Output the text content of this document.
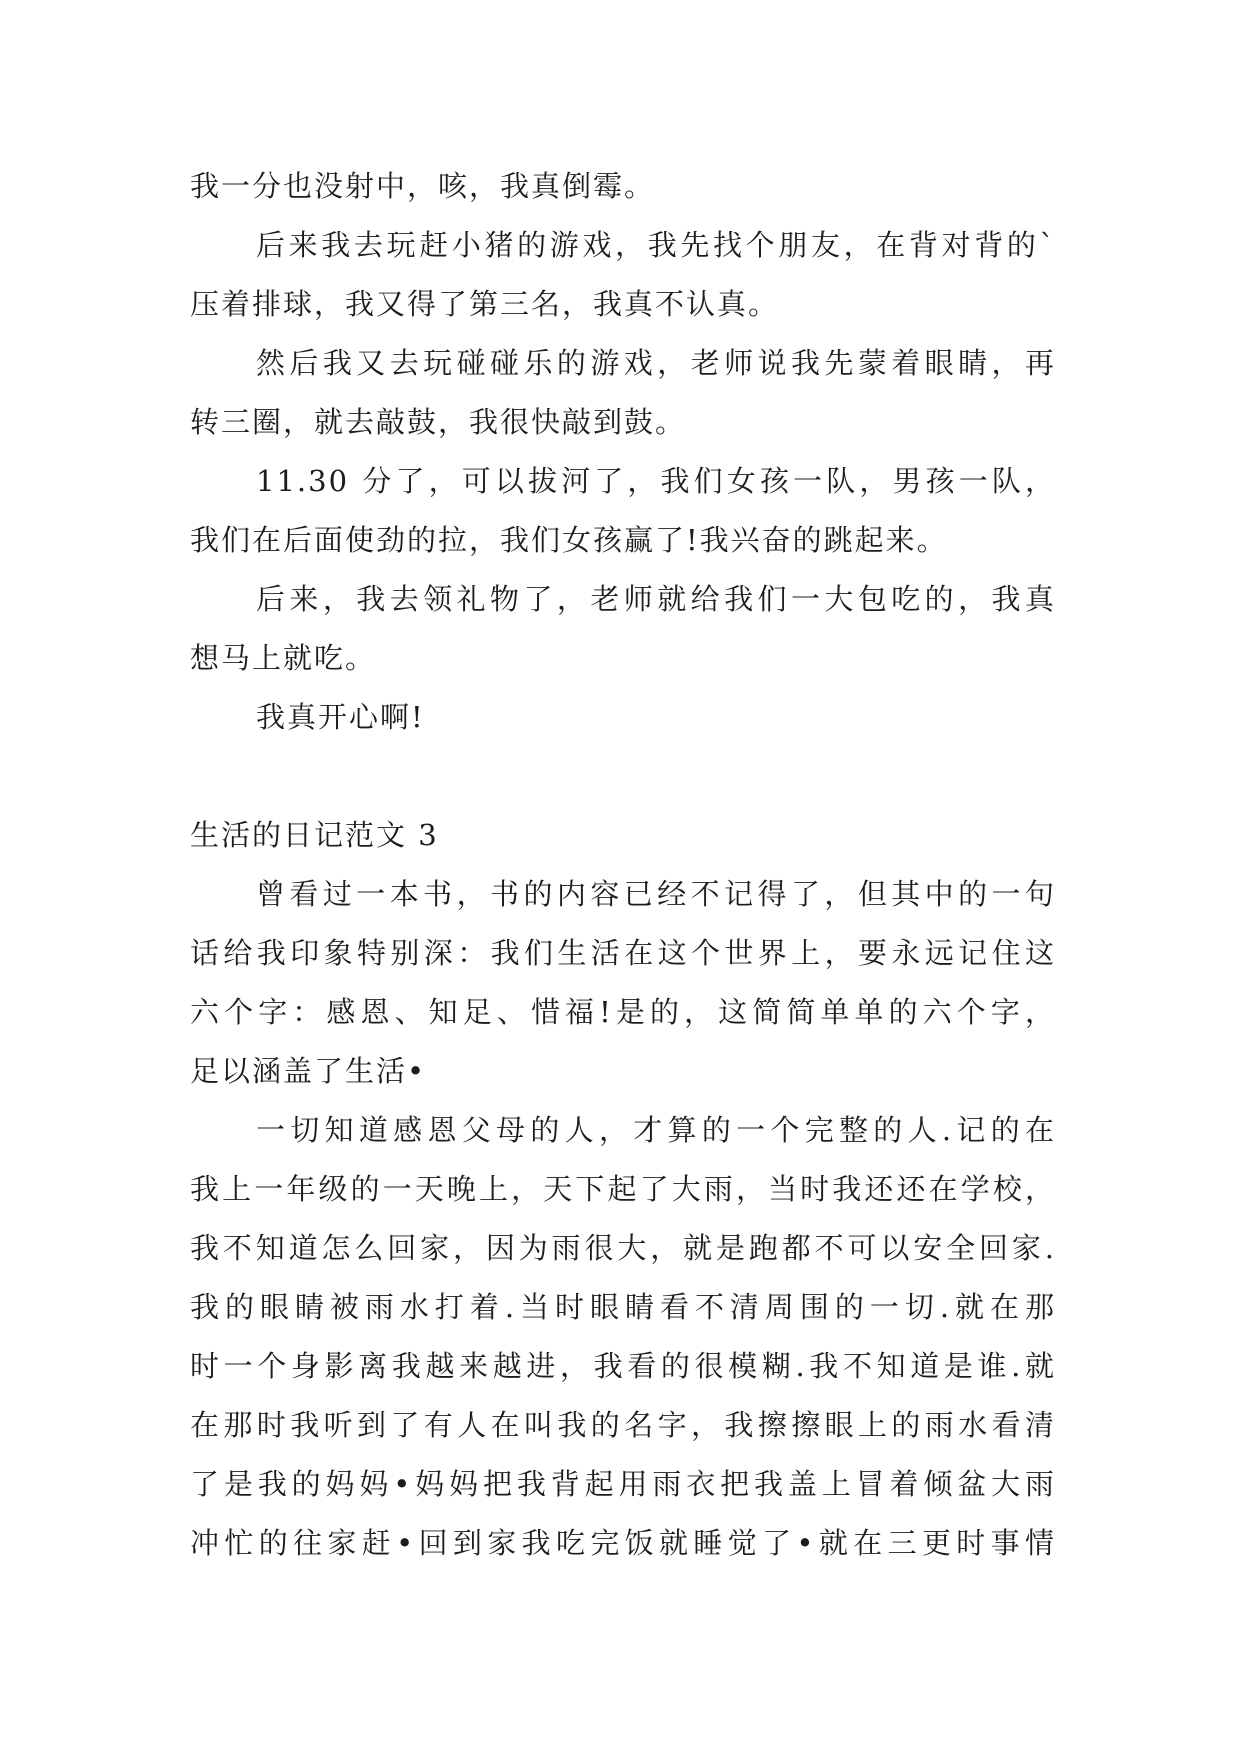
我一分也没射中，咳，我真倒霉。
后来我去玩赶小猪的游戏，我先找个朋友，在背对背的`
压着排球，我又得了第三名，我真不认真。
然后我又去玩碰碰乐的游戏，老师说我先蒙着眼睛，再
转三圈，就去敲鼓，我很快敲到鼓。
11.30 分了，可以拔河了，我们女孩一队，男孩一队，
我们在后面使劲的拉，我们女孩赢了!我兴奋的跳起来。
后来，我去领礼物了，老师就给我们一大包吃的，我真
想马上就吃。
我真开心啊!
生活的日记范文 3
曾看过一本书，书的内容已经不记得了，但其中的一句
话给我印象特别深：我们生活在这个世界上，要永远记住这
六个字：感恩、知足、惜福!是的，这简简单单的六个字，
足以涵盖了生活•
一切知道感恩父母的人，才算的一个完整的人.记的在
我上一年级的一天晚上，天下起了大雨，当时我还还在学校，
我不知道怎么回家，因为雨很大，就是跑都不可以安全回家.
我的眼睛被雨水打着.当时眼睛看不清周围的一切.就在那
时一个身影离我越来越进，我看的很模糊.我不知道是谁.就
在那时我听到了有人在叫我的名字，我擦擦眼上的雨水看清
了是我的妈妈•妈妈把我背起用雨衣把我盖上冒着倾盆大雨
冲忙的往家赶•回到家我吃完饭就睡觉了•就在三更时事情
